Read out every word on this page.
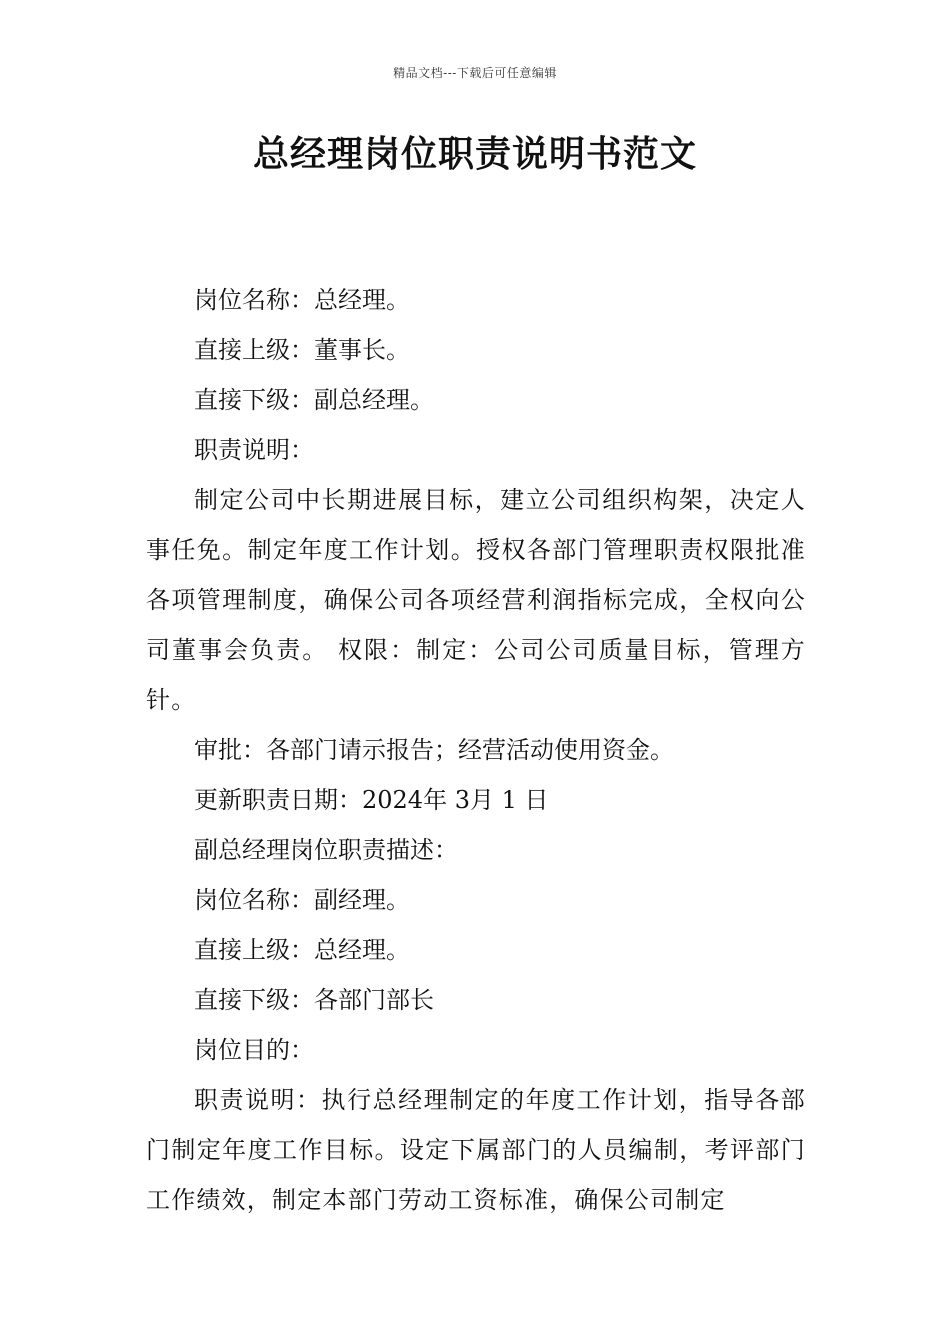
精品文档---下载后可任意编辑
总经理岗位职责说明书范文

岗位名称：总经理。

直接上级：董事长。

直接下级：副总经理。

职责说明：

制定公司中长期进展目标，建立公司组织构架，决定人事任免。制定年度工作计划。授权各部门管理职责权限批准各项管理制度，确保公司各项经营利润指标完成，全权向公司董事会负责。 权限：制定：公司公司质量目标，管理方针。

审批：各部门请示报告；经营活动使用资金。

更新职责日期：2024年 3月 1 日

副总经理岗位职责描述：

岗位名称：副经理。

直接上级：总经理。

直接下级：各部门部长

岗位目的：

职责说明：执行总经理制定的年度工作计划，指导各部门制定年度工作目标。设定下属部门的人员编制，考评部门工作绩效，制定本部门劳动工资标准，确保公司制定
